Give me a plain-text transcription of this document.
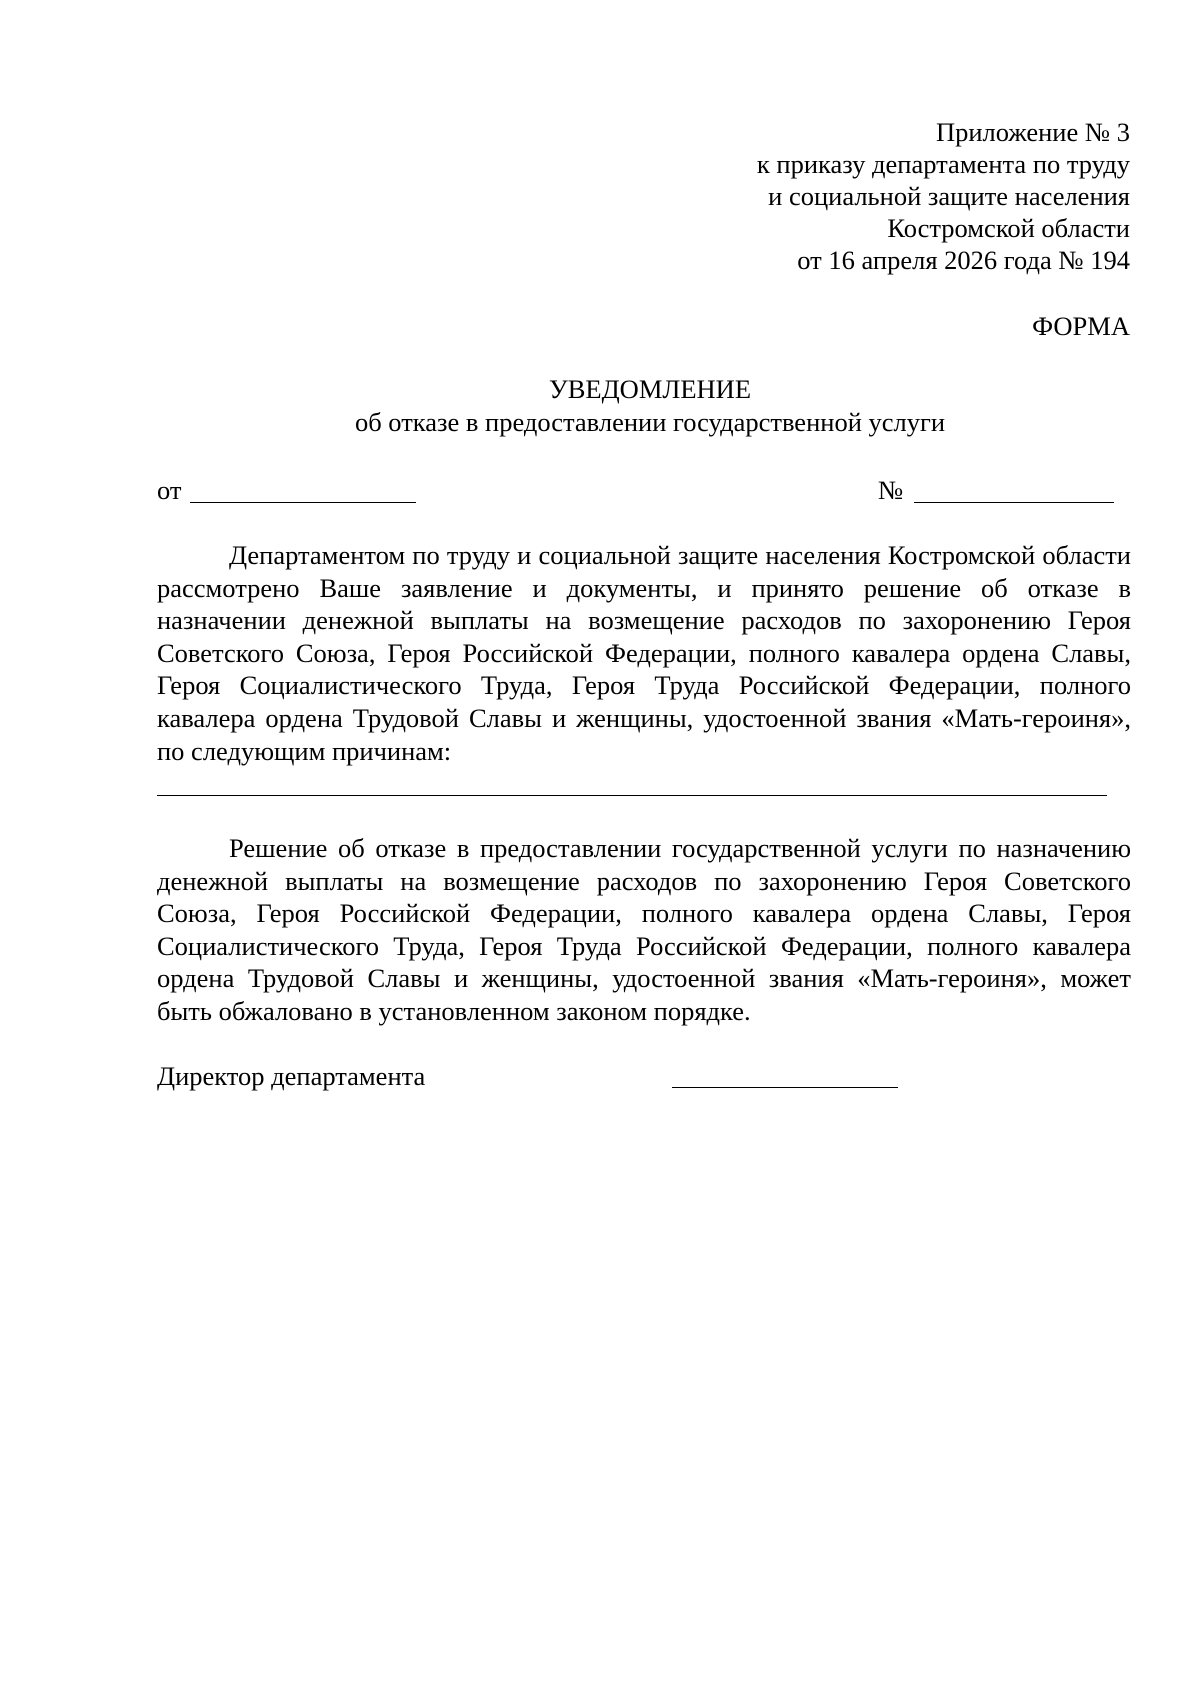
Приложение № 3
к приказу департамента по труду
и социальной защите населения
Костромской области
от 16 апреля 2026 года № 194
ФОРМА
УВЕДОМЛЕНИЕ
об отказе в предоставлении государственной услуги
от	№
Департаментом по труду и социальной защите населения Костромской области рассмотрено Ваше заявление и документы, и принято решение об отказе в назначении денежной выплаты на возмещение расходов по захоронению Героя Советского Союза, Героя Российской Федерации, полного кавалера ордена Славы, Героя Социалистического Труда, Героя Труда Российской Федерации, полного кавалера ордена Трудовой Славы и женщины, удостоенной звания «Мать-героиня», по следующим причинам:
Решение об отказе в предоставлении государственной услуги по назначению денежной выплаты на возмещение расходов по захоронению Героя Советского Союза, Героя Российской Федерации, полного кавалера ордена Славы, Героя Социалистического Труда, Героя Труда Российской Федерации, полного кавалера ордена Трудовой Славы и женщины, удостоенной звания «Мать-героиня», может быть обжаловано в установленном законом порядке.
Директор департамента
